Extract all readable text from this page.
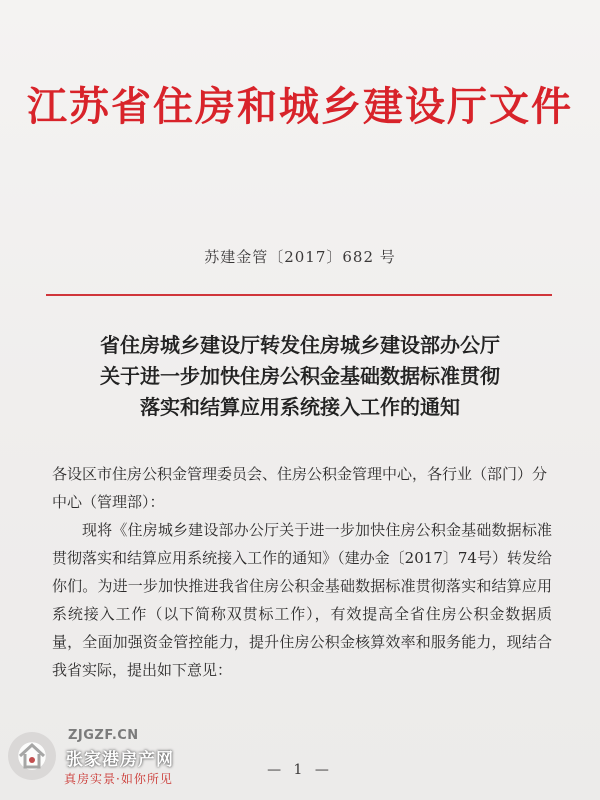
江苏省住房和城乡建设厅文件
苏建金管〔2017〕682 号
省住房城乡建设厅转发住房城乡建设部办公厅
关于进一步加快住房公积金基础数据标准贯彻
落实和结算应用系统接入工作的通知

各设区市住房公积金管理委员会、住房公积金管理中心，各行业（部门）分中心（管理部）：

现将《住房城乡建设部办公厅关于进一步加快住房公积金基础数据标准贯彻落实和结算应用系统接入工作的通知》（建办金〔2017〕74号）转发给你们。为进一步加快推进我省住房公积金基础数据标准贯彻落实和结算应用系统接入工作（以下简称双贯标工作），有效提高全省住房公积金数据质量，全面加强资金管控能力，提升住房公积金核算效率和服务能力，现结合我省实际，提出如下意见：

ZJGZF.CN
张家港房产网
真房实景·如你所见
— 1 —
